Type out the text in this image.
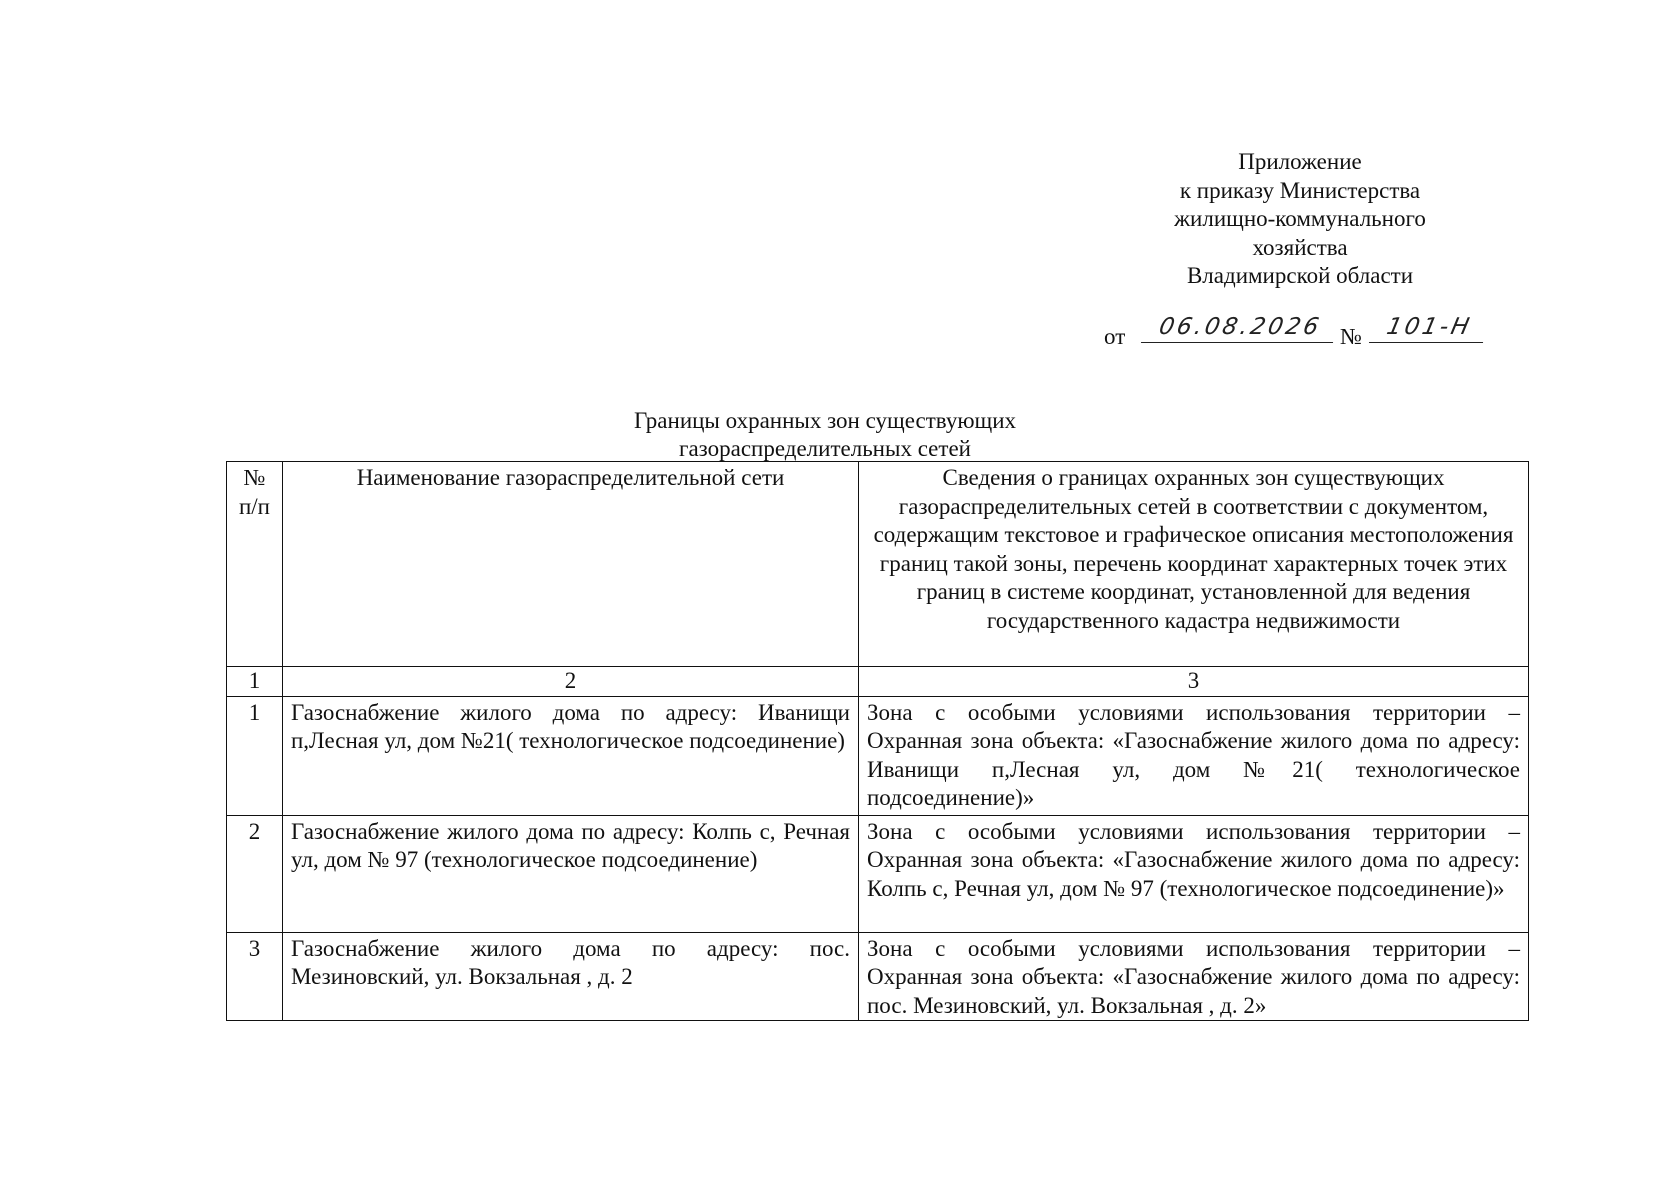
Приложение
к приказу Министерства
жилищно-коммунального
хозяйства
Владимирской области
от	06.08.2026 № 101-Н
Границы охранных зон существующих
газораспределительных сетей
№ п/п	Наименование газораспределительной сети	Сведения о границах охранных зон существующих газораспределительных сетей в соответствии с документом, содержащим текстовое и графическое описания местоположения границ такой зоны, перечень координат характерных точек этих границ в системе координат, установленной для ведения государственного кадастра недвижимости
1	2	3
1	Газоснабжение жилого дома по адресу: Иванищи п,Лесная ул, дом №21( технологическое подсоединение)	Зона с особыми условиями использования территории – Охранная зона объекта: «Газоснабжение жилого дома по адресу: Иванищи п,Лесная ул, дом №21( технологическое подсоединение)»
2	Газоснабжение жилого дома по адресу: Колпь с, Речная ул, дом № 97 (технологическое подсоединение)	Зона с особыми условиями использования территории – Охранная зона объекта: «Газоснабжение жилого дома по адресу: Колпь с, Речная ул, дом № 97 (технологическое подсоединение)»
3	Газоснабжение жилого дома по адресу: пос. Мезиновский, ул. Вокзальная , д. 2	Зона с особыми условиями использования территории – Охранная зона объекта: «Газоснабжение жилого дома по адресу: пос. Мезиновский, ул. Вокзальная , д. 2»
